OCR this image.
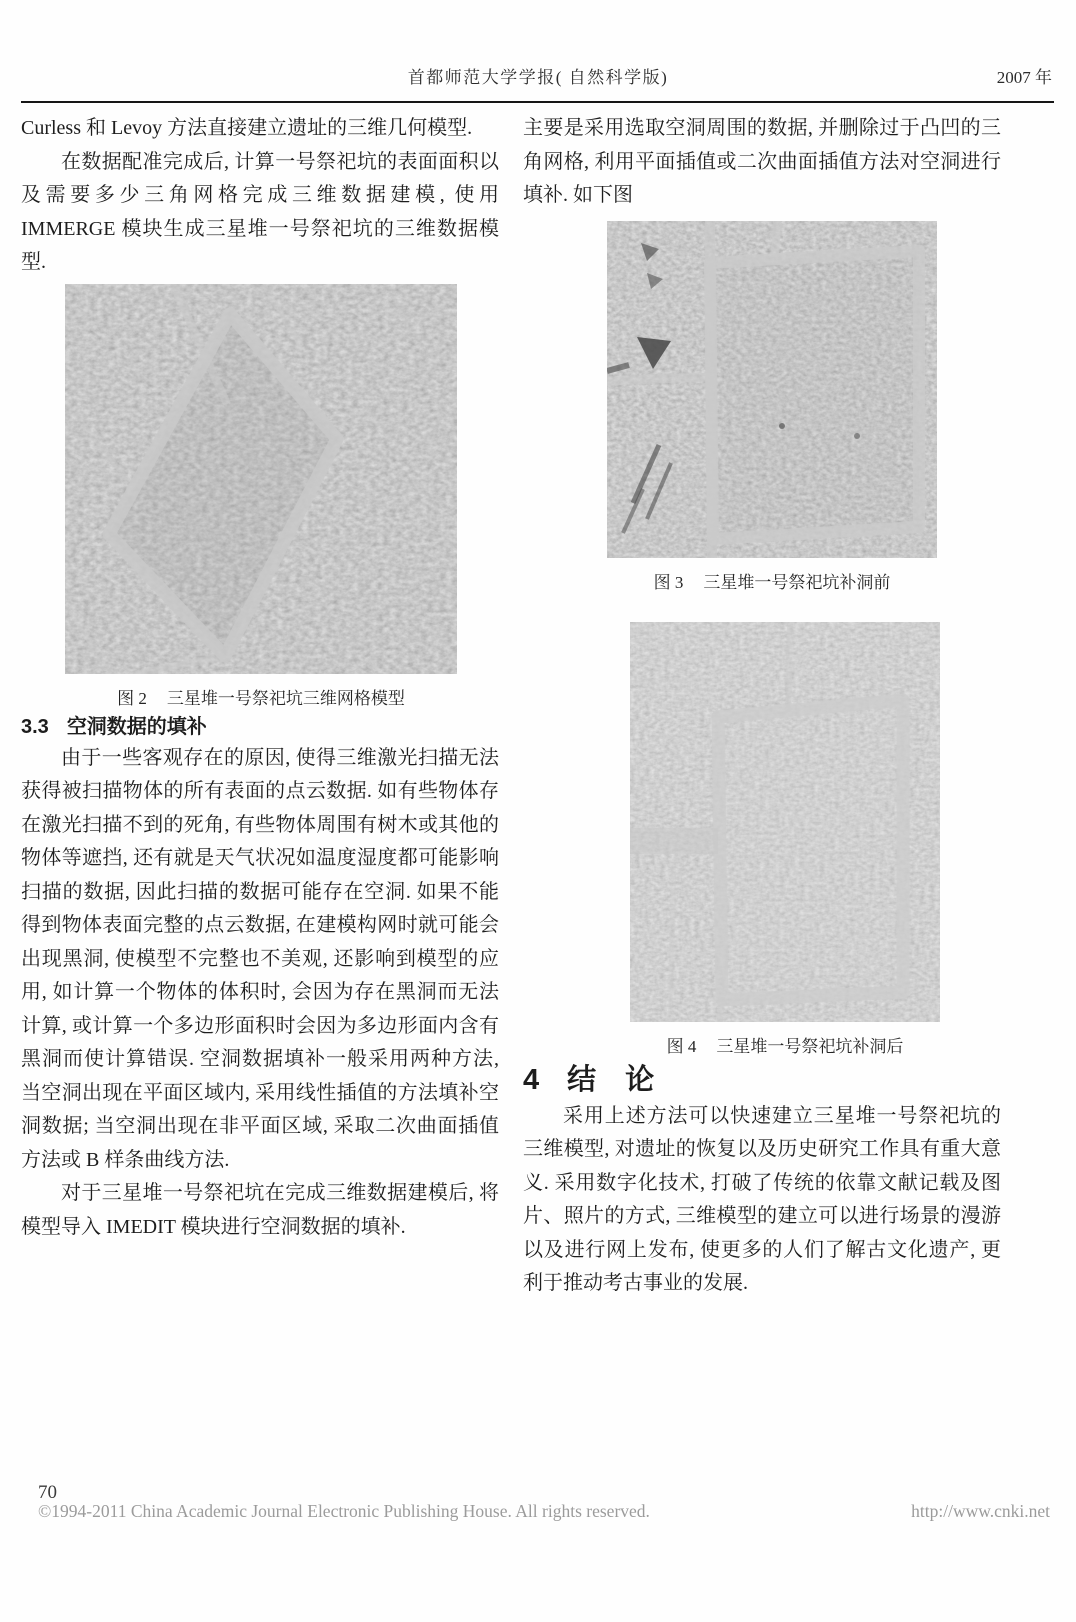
首都师范大学学报( 自然科学版)	2007 年

Curless 和 Levoy 方法直接建立遗址的三维几何模型.

在数据配准完成后, 计算一号祭祀坑的表面面积以及需要多少三角网格完成三维数据建模, 使用 IMMERGE 模块生成三星堆一号祭祀坑的三维数据模型.

图 2 三星堆一号祭祀坑三维网格模型

3.3 空洞数据的填补

由于一些客观存在的原因, 使得三维激光扫描无法获得被扫描物体的所有表面的点云数据. 如有些物体存在激光扫描不到的死角, 有些物体周围有树木或其他的物体等遮挡, 还有就是天气状况如温度湿度都可能影响扫描的数据, 因此扫描的数据可能存在空洞. 如果不能得到物体表面完整的点云数据, 在建模构网时就可能会出现黑洞, 使模型不完整也不美观, 还影响到模型的应用, 如计算一个物体的体积时, 会因为存在黑洞而无法计算, 或计算一个多边形面积时会因为多边形面内含有黑洞而使计算错误. 空洞数据填补一般采用两种方法, 当空洞出现在平面区域内, 采用线性插值的方法填补空洞数据; 当空洞出现在非平面区域, 采取二次曲面插值方法或 B 样条曲线方法.

对于三星堆一号祭祀坑在完成三维数据建模后, 将模型导入 IMEDIT 模块进行空洞数据的填补.

主要是采用选取空洞周围的数据, 并删除过于凸凹的三角网格, 利用平面插值或二次曲面插值方法对空洞进行填补. 如下图

图 3 三星堆一号祭祀坑补洞前
图 4 三星堆一号祭祀坑补洞后

4 结　论

采用上述方法可以快速建立三星堆一号祭祀坑的三维模型, 对遗址的恢复以及历史研究工作具有重大意义. 采用数字化技术, 打破了传统的依靠文献记载及图片、照片的方式, 三维模型的建立可以进行场景的漫游以及进行网上发布, 使更多的人们了解古文化遗产, 更利于推动考古事业的发展.

70
©1994-2011 China Academic Journal Electronic Publishing House. All rights reserved.	http://www.cnki.net
